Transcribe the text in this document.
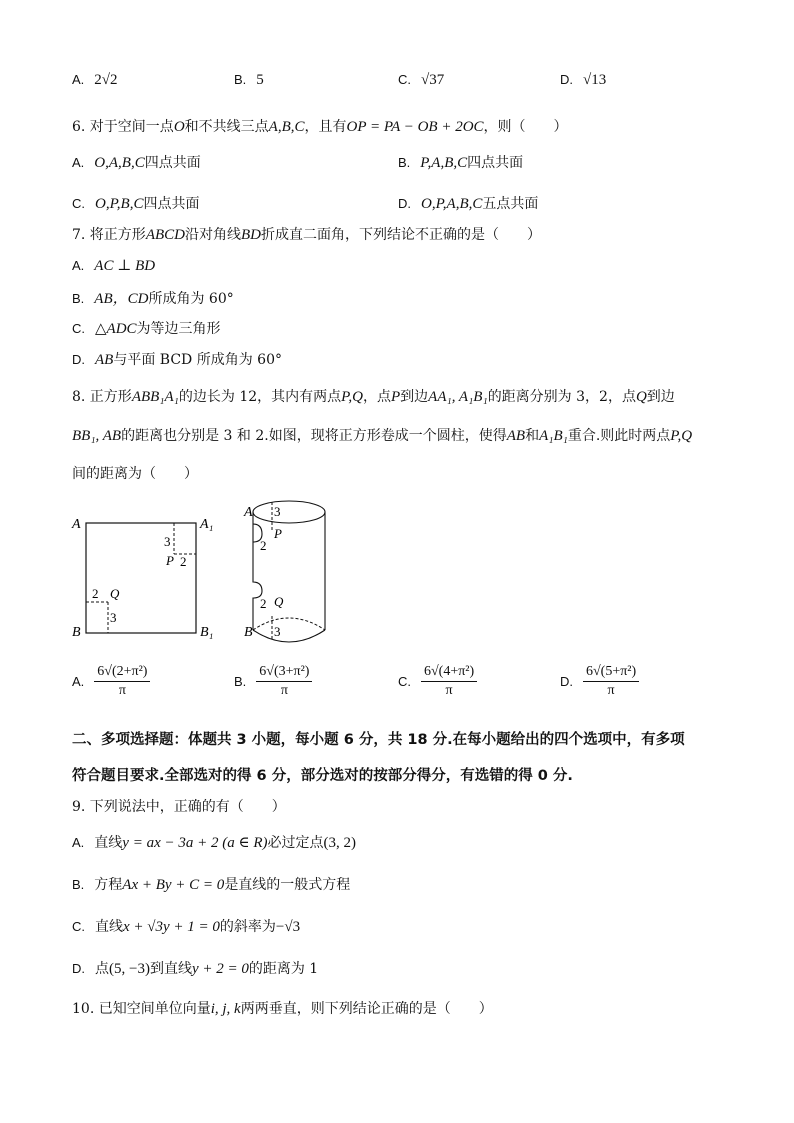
A. 2√2	B. 5	C. √37	D. √13
6. 对于空间一点O和不共线三点A,B,C，且有OP = PA − OB + 2OC，则（　　）
A. O,A,B,C四点共面	B. P,A,B,C四点共面
C. O,P,B,C四点共面	D. O,P,A,B,C五点共面
7. 将正方形ABCD沿对角线BD折成直二面角，下列结论不正确的是（　　）
A. AC ⊥ BD
B. AB，CD所成角为 60°
C. △ADC为等边三角形
D. AB与平面 BCD 所成角为 60°
8. 正方形ABB₁A₁的边长为 12，其内有两点P,Q，点P到边AA₁, A₁B₁的距离分别为 3，2，点Q到边
BB₁, AB的距离也分别是 3 和 2.如图，现将正方形卷成一个圆柱，使得AB和A₁B₁重合.则此时两点P,Q
间的距离为（　　）
A	A₁
B	B₁
3
P 2
2 Q
3
A
B
3
P
2
2 Q
3
A. $\frac{\text{6√(2+π²)}}{\pi}$	B. $\frac{\text{6√(3+π²)}}{\pi}$	C. $\frac{\text{6√(4+π²)}}{\pi}$	D. $\frac{\text{6√(5+π²)}}{\pi}$
二、多项选择题：体题共 3 小题，每小题 6 分，共 18 分.在每小题给出的四个选项中，有多项
符合题目要求.全部选对的得 6 分，部分选对的按部分得分，有选错的得 0 分.
9. 下列说法中，正确的有（　　）
A. 直线y = ax − 3a + 2 (a ∈ R)必过定点(3, 2)
B. 方程Ax + By + C = 0是直线的一般式方程
C. 直线x + √3y + 1 = 0的斜率为−√3
D. 点(5, −3)到直线y + 2 = 0的距离为 1
10. 已知空间单位向量i, j, k两两垂直，则下列结论正确的是（　　）
